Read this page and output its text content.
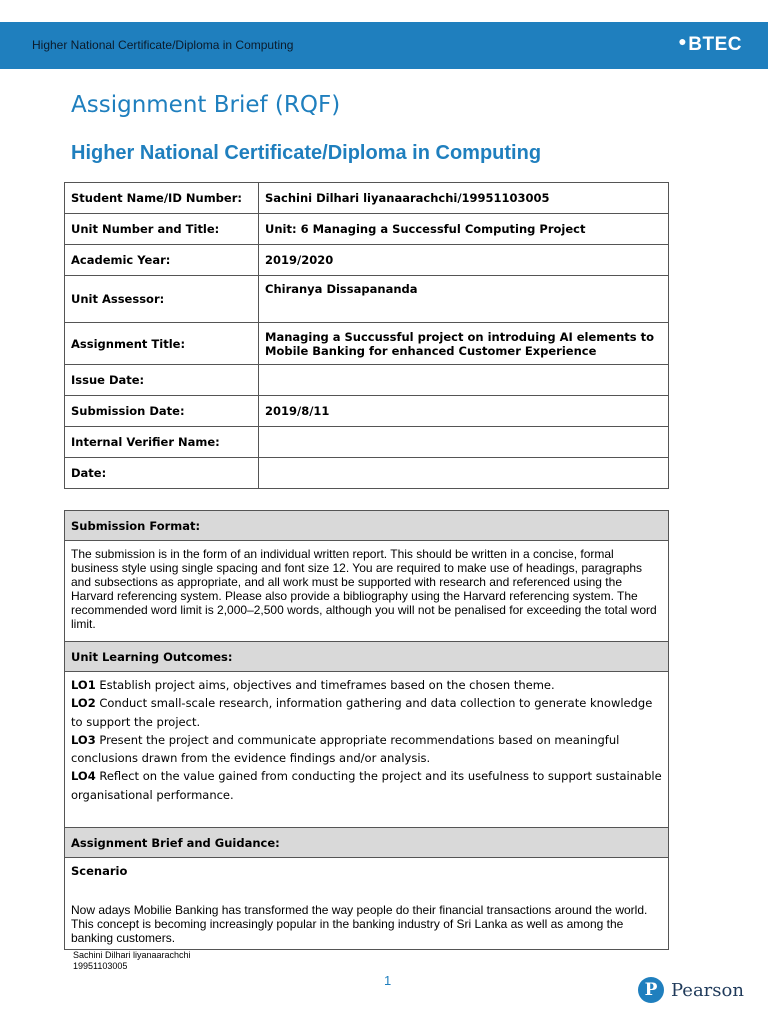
Higher National Certificate/Diploma in Computing	●BTEC
Assignment Brief (RQF)
Higher National Certificate/Diploma in Computing
Student Name/ID Number:	Sachini Dilhari liyanaarachchi/19951103005
Unit Number and Title:	Unit: 6 Managing a Successful Computing Project
Academic Year:	2019/2020
Unit Assessor:	Chiranya Dissapananda
Assignment Title:	Managing a Succussful project on introduing AI elements to Mobile Banking for enhanced Customer Experience
Issue Date:	
Submission Date:	2019/8/11
Internal Verifier Name:	
Date:	
Submission Format:
The submission is in the form of an individual written report. This should be written in a concise, formal business style using single spacing and font size 12. You are required to make use of headings, paragraphs and subsections as appropriate, and all work must be supported with research and referenced using the Harvard referencing system. Please also provide a bibliography using the Harvard referencing system. The recommended word limit is 2,000–2,500 words, although you will not be penalised for exceeding the total word limit.
Unit Learning Outcomes:

LO1 Establish project aims, objectives and timeframes based on the chosen theme.
LO2 Conduct small-scale research, information gathering and data collection to generate knowledge to support the project.
LO3 Present the project and communicate appropriate recommendations based on meaningful conclusions drawn from the evidence findings and/or analysis.
LO4 Reflect on the value gained from conducting the project and its usefulness to support sustainable organisational performance.

Assignment Brief and Guidance:

Scenario
Now adays Mobilie Banking has transformed the way people do their financial transactions around the world. This concept is becoming increasingly popular in the banking industry of Sri Lanka as well as among the banking customers.
Sachini Dilhari liyanaarachchi
19951103005
1	P Pearson
